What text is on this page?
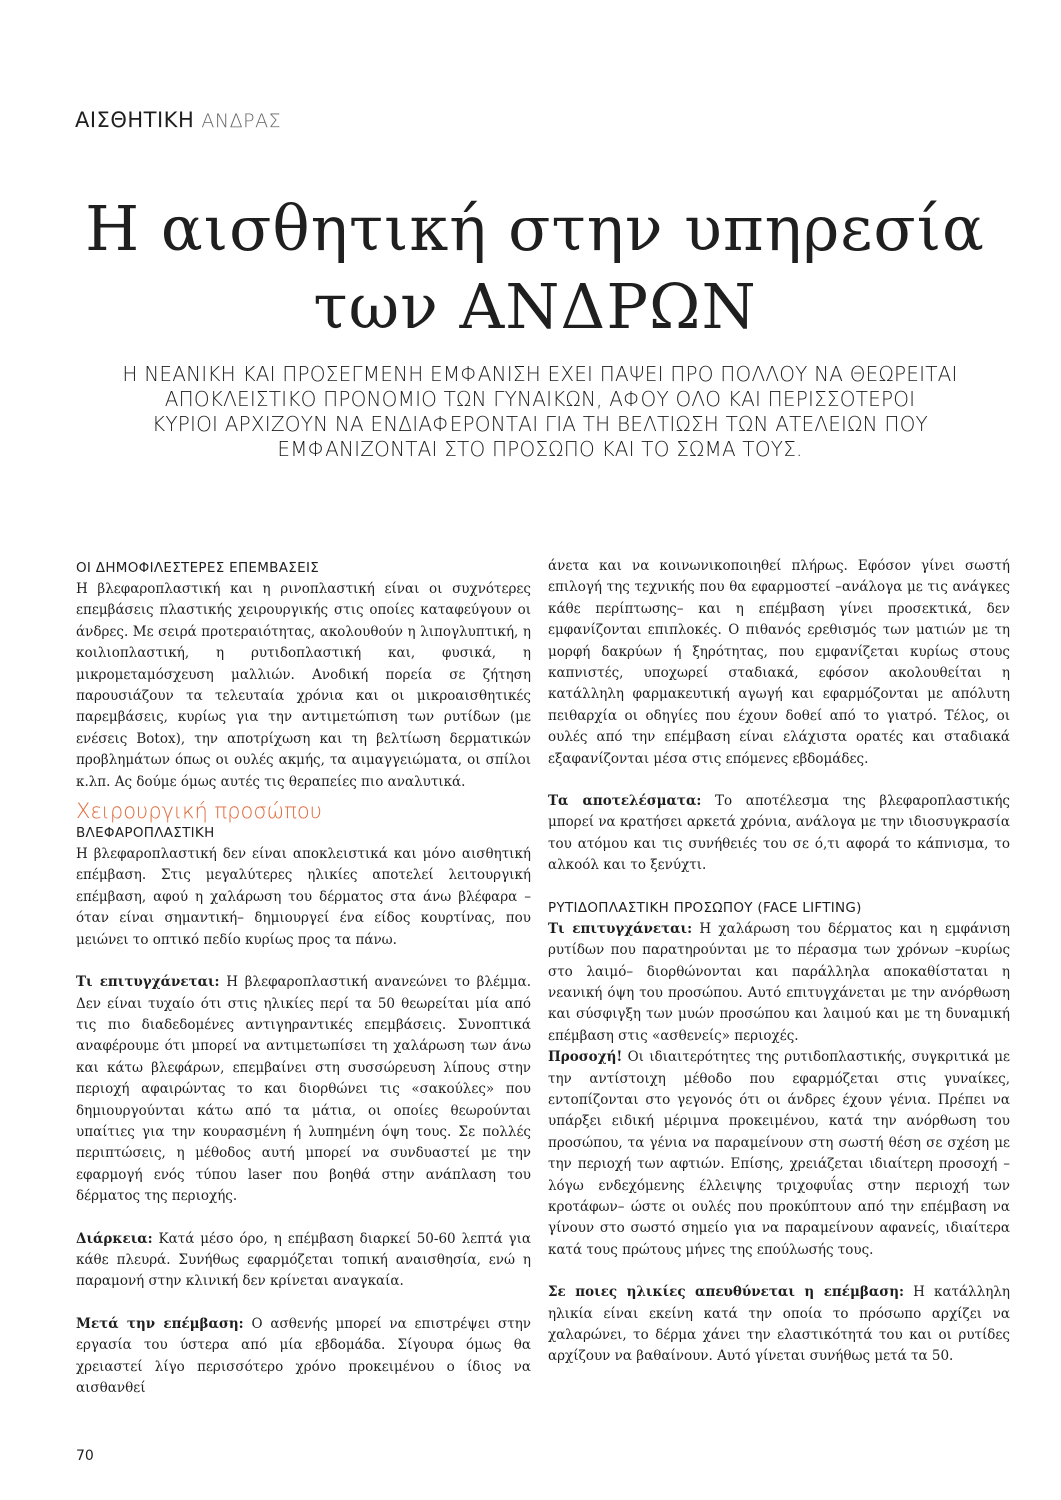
ΑΙΣΘΗΤΙΚΗ ΑΝΔΡΑΣ
Η αισθητική στην υπηρεσία
των ΑΝΔΡΩΝ

Η ΝΕΑΝΙΚΗ ΚΑΙ ΠΡΟΣΕΓΜΕΝΗ ΕΜΦΑΝΙΣΗ ΕΧΕΙ ΠΑΨΕΙ ΠΡΟ ΠΟΛΛΟΥ ΝΑ ΘΕΩΡΕΙΤΑΙ
ΑΠΟΚΛΕΙΣΤΙΚΟ ΠΡΟΝΟΜΙΟ ΤΩΝ ΓΥΝΑΙΚΩΝ, ΑΦΟΥ ΟΛΟ ΚΑΙ ΠΕΡΙΣΣΟΤΕΡΟΙ
ΚΥΡΙΟΙ ΑΡΧΙΖΟΥΝ ΝΑ ΕΝΔΙΑΦΕΡΟΝΤΑΙ ΓΙΑ ΤΗ ΒΕΛΤΙΩΣΗ ΤΩΝ ΑΤΕΛΕΙΩΝ ΠΟΥ
ΕΜΦΑΝΙΖΟΝΤΑΙ ΣΤΟ ΠΡΟΣΩΠΟ ΚΑΙ ΤΟ ΣΩΜΑ ΤΟΥΣ.

ΟΙ ΔΗΜΟΦΙΛΕΣΤΕΡΕΣ ΕΠΕΜΒΑΣΕΙΣ

Η βλεφαροπλαστική και η ρινοπλαστική είναι οι συχνότερες επεμβάσεις πλαστικής χειρουργικής στις οποίες καταφεύγουν οι άνδρες. Με σειρά προτεραιότητας, ακολουθούν η λιπογλυπτική, η κοιλιοπλαστική, η ρυτιδοπλαστική και, φυσικά, η μικρομεταμόσχευση μαλλιών. Ανοδική πορεία σε ζήτηση παρουσιάζουν τα τελευταία χρόνια και οι μικροαισθητικές παρεμβάσεις, κυρίως για την αντιμετώπιση των ρυτίδων (με ενέσεις Botox), την αποτρίχωση και τη βελτίωση δερματικών προβλημάτων όπως οι ουλές ακμής, τα αιμαγγειώματα, οι σπίλοι κ.λπ. Ας δούμε όμως αυτές τις θεραπείες πιο αναλυτικά.

Χειρουργική προσώπου
ΒΛΕΦΑΡΟΠΛΑΣΤΙΚΗ

Η βλεφαροπλαστική δεν είναι αποκλειστικά και μόνο αισθητική επέμβαση. Στις μεγαλύτερες ηλικίες αποτελεί λειτουργική επέμβαση, αφού η χαλάρωση του δέρματος στα άνω βλέφαρα –όταν είναι σημαντική– δημιουργεί ένα είδος κουρτίνας, που μειώνει το οπτικό πεδίο κυρίως προς τα πάνω.

Τι επιτυγχάνεται: Η βλεφαροπλαστική ανανεώνει το βλέμμα. Δεν είναι τυχαίο ότι στις ηλικίες περί τα 50 θεωρείται μία από τις πιο διαδεδομένες αντιγηραντικές επεμβάσεις. Συνοπτικά αναφέρουμε ότι μπορεί να αντιμετωπίσει τη χαλάρωση των άνω και κάτω βλεφάρων, επεμβαίνει στη συσσώρευση λίπους στην περιοχή αφαιρώντας το και διορθώνει τις «σακούλες» που δημιουργούνται κάτω από τα μάτια, οι οποίες θεωρούνται υπαίτιες για την κουρασμένη ή λυπημένη όψη τους. Σε πολλές περιπτώσεις, η μέθοδος αυτή μπορεί να συνδυαστεί με την εφαρμογή ενός τύπου laser που βοηθά στην ανάπλαση του δέρματος της περιοχής.

Διάρκεια: Κατά μέσο όρο, η επέμβαση διαρκεί 50-60 λεπτά για κάθε πλευρά. Συνήθως εφαρμόζεται τοπική αναισθησία, ενώ η παραμονή στην κλινική δεν κρίνεται αναγκαία.

Μετά την επέμβαση: Ο ασθενής μπορεί να επιστρέψει στην εργασία του ύστερα από μία εβδομάδα. Σίγουρα όμως θα χρειαστεί λίγο περισσότερο χρόνο προκειμένου ο ίδιος να αισθανθεί

άνετα και να κοινωνικοποιηθεί πλήρως. Εφόσον γίνει σωστή επιλογή της τεχνικής που θα εφαρμοστεί –ανάλογα με τις ανάγκες κάθε περίπτωσης– και η επέμβαση γίνει προσεκτικά, δεν εμφανίζονται επιπλοκές. Ο πιθανός ερεθισμός των ματιών με τη μορφή δακρύων ή ξηρότητας, που εμφανίζεται κυρίως στους καπνιστές, υποχωρεί σταδιακά, εφόσον ακολουθείται η κατάλληλη φαρμακευτική αγωγή και εφαρμόζονται με απόλυτη πειθαρχία οι οδηγίες που έχουν δοθεί από το γιατρό. Τέλος, οι ουλές από την επέμβαση είναι ελάχιστα ορατές και σταδιακά εξαφανίζονται μέσα στις επόμενες εβδομάδες.

Τα αποτελέσματα: Το αποτέλεσμα της βλεφαροπλαστικής μπορεί να κρατήσει αρκετά χρόνια, ανάλογα με την ιδιοσυγκρασία του ατόμου και τις συνήθειές του σε ό,τι αφορά το κάπνισμα, το αλκοόλ και το ξενύχτι.

ΡΥΤΙΔΟΠΛΑΣΤΙΚΗ ΠΡΟΣΩΠΟΥ (FACE LIFTING)

Τι επιτυγχάνεται: Η χαλάρωση του δέρματος και η εμφάνιση ρυτίδων που παρατηρούνται με το πέρασμα των χρόνων –κυρίως στο λαιμό– διορθώνονται και παράλληλα αποκαθίσταται η νεανική όψη του προσώπου. Αυτό επιτυγχάνεται με την ανόρθωση και σύσφιγξη των μυών προσώπου και λαιμού και με τη δυναμική επέμβαση στις «ασθενείς» περιοχές.

Προσοχή! Οι ιδιαιτερότητες της ρυτιδοπλαστικής, συγκριτικά με την αντίστοιχη μέθοδο που εφαρμόζεται στις γυναίκες, εντοπίζονται στο γεγονός ότι οι άνδρες έχουν γένια. Πρέπει να υπάρξει ειδική μέριμνα προκειμένου, κατά την ανόρθωση του προσώπου, τα γένια να παραμείνουν στη σωστή θέση σε σχέση με την περιοχή των αφτιών. Επίσης, χρειάζεται ιδιαίτερη προσοχή –λόγω ενδεχόμενης έλλειψης τριχοφυΐας στην περιοχή των κροτάφων– ώστε οι ουλές που προκύπτουν από την επέμβαση να γίνουν στο σωστό σημείο για να παραμείνουν αφανείς, ιδιαίτερα κατά τους πρώτους μήνες της επούλωσής τους.

Σε ποιες ηλικίες απευθύνεται η επέμβαση: Η κατάλληλη ηλικία είναι εκείνη κατά την οποία το πρόσωπο αρχίζει να χαλαρώνει, το δέρμα χάνει την ελαστικότητά του και οι ρυτίδες αρχίζουν να βαθαίνουν. Αυτό γίνεται συνήθως μετά τα 50.

70
